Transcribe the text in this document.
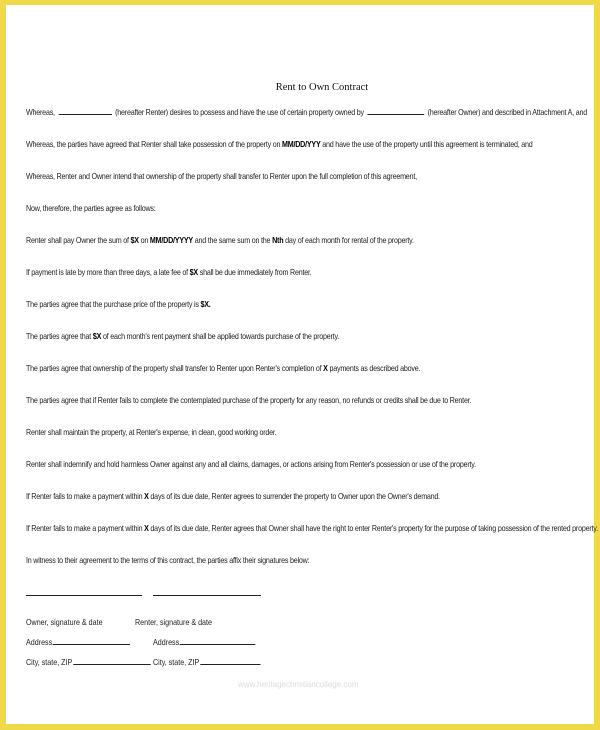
Rent to Own Contract
Whereas,	(hereafter Renter) desires to possess and have the use of certain property owned by	(hereafter Owner) and described in Attachment A, and
Whereas, the parties have agreed that Renter shall take possession of the property on MM/DD/YYY and have the use of the property until this agreement is terminated, and
Whereas, Renter and Owner intend that ownership of the property shall transfer to Renter upon the full completion of this agreement,
Now, therefore, the parties agree as follows:
Renter shall pay Owner the sum of $X on MM/DD/YYYY and the same sum on the Nth day of each month for rental of the property.
If payment is late by more than three days, a late fee of $X shall be due immediately from Renter.
The parties agree that the purchase price of the property is $X.
The parties agree that $X of each month's rent payment shall be applied towards purchase of the property.
The parties agree that ownership of the property shall transfer to Renter upon Renter's completion of X payments as described above.
The parties agree that if Renter fails to complete the contemplated purchase of the property for any reason, no refunds or credits shall be due to Renter.
Renter shall maintain the property, at Renter's expense, in clean, good working order.
Renter shall indemnify and hold harmless Owner against any and all claims, damages, or actions arising from Renter's possession or use of the property.
If Renter fails to make a payment within X days of its due date, Renter agrees to surrender the property to Owner upon the Owner's demand.
If Renter fails to make a payment within X days of its due date, Renter agrees that Owner shall have the right to enter Renter's property for the purpose of taking possession of the rented property.
In witness to their agreement to the terms of this contract, the parties affix their signatures below:
Owner, signature & date	Renter, signature & date
Address	Address
City, state, ZIP	City, state, ZIP
www.heritagechristiancollege.com
